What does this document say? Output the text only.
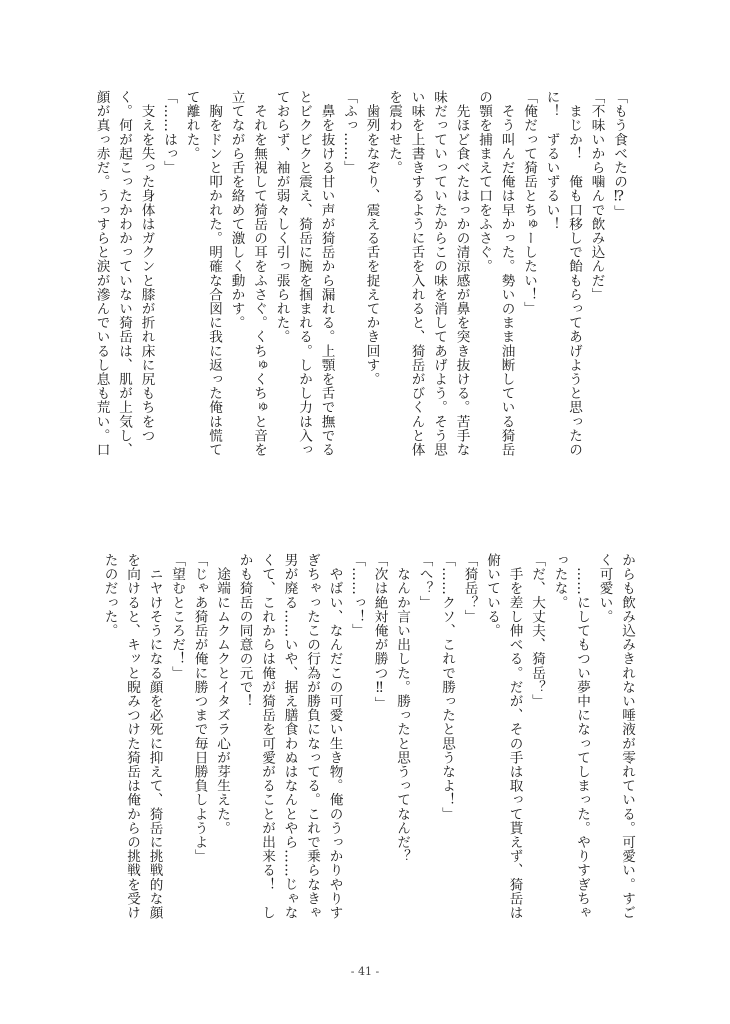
「もう食べたの⁉」
「不味いから噛んで飲み込んだ」
　まじか！　俺も口移しで飴もらってあげようと思ったの
に！　ずるいずるい！
「俺だって猗岳とちゅーしたい！」
　そう叫んだ俺は早かった。勢いのまま油断している猗岳
の顎を捕まえて口をふさぐ。
　先ほど食べたはっかの清涼感が鼻を突き抜ける。苦手な
味だっていっていたからこの味を消してあげよう。そう思
い味を上書きするように舌を入れると、猗岳がびくんと体
を震わせた。
　歯列をなぞり、震える舌を捉えてかき回す。
「ふっ……」
　鼻を抜ける甘い声が猗岳から漏れる。上顎を舌で撫でる
とビクビクと震え、猗岳に腕を掴まれる。しかし力は入っ
ておらず、袖が弱々しく引っ張られた。
　それを無視して猗岳の耳をふさぐ。くちゅくちゅと音を
立てながら舌を絡めて激しく動かす。
　胸をドンと叩かれた。明確な合図に我に返った俺は慌て
て離れた。
「……はっ」
　支えを失った身体はガクンと膝が折れ床に尻もちをつ
く。何が起こったかわかっていない猗岳は、肌が上気し、
顔が真っ赤だ。うっすらと涙が滲んでいるし息も荒い。口
からも飲み込みきれない唾液が零れている。可愛い。すご
く可愛い。
　……にしてもつい夢中になってしまった。やりすぎちゃ
ったな。
「だ、大丈夫、猗岳？」
　手を差し伸べる。だが、その手は取って貰えず、猗岳は
俯いている。
「猗岳？」
「……クソ、これで勝ったと思うなよ！」
「へ？」
　なんか言い出した。勝ったと思うってなんだ？
「次は絶対俺が勝つ‼」
「……っ！」
　やばい、なんだこの可愛い生き物。俺のうっかりやりす
ぎちゃったこの行為が勝負になってる。これで乗らなきゃ
男が廃る……いや、据え膳食わぬはなんとやら……じゃな
くて、これからは俺が猗岳を可愛がることが出来る！　し
かも猗岳の同意の元で！
　途端にムクムクとイタズラ心が芽生えた。
「じゃあ猗岳が俺に勝つまで毎日勝負しようよ」
「望むところだ！」
　ニヤけそうになる顔を必死に抑えて、猗岳に挑戦的な顔
を向けると、キッと睨みつけた猗岳は俺からの挑戦を受け
たのだった。
- 41 -
